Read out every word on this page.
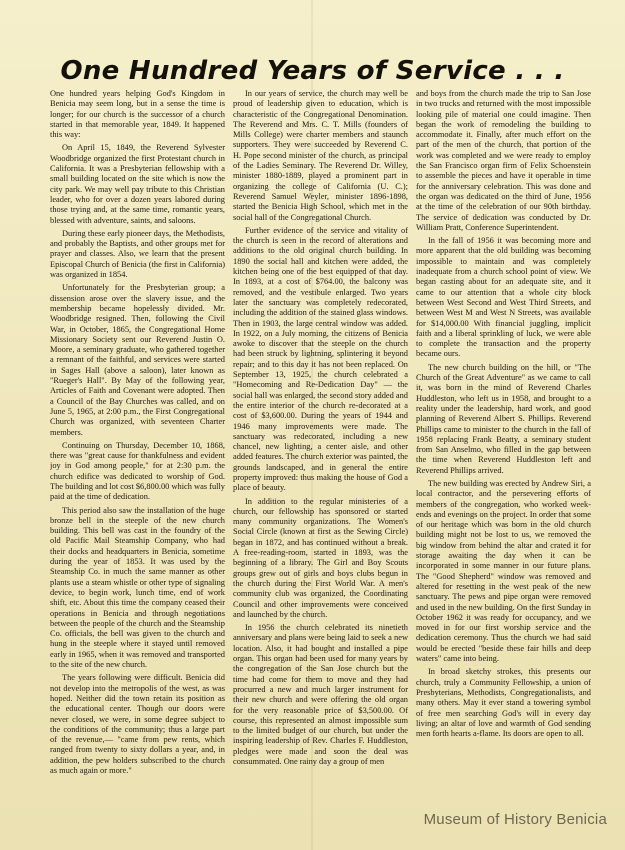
One Hundred Years of Service . . .

One hundred years helping God's Kingdom in Benicia may seem long, but in a sense the time is longer; for our church is the successor of a church started in that memorable year, 1849. It happened this way:

On April 15, 1849, the Reverend Sylvester Woodbridge organized the first Protestant church in California. It was a Presbyterian fellowship with a small building located on the site which is now the city park. We may well pay tribute to this Christian leader, who for over a dozen years labored during those trying and, at the same time, romantic years, blessed with adventure, saints, and saloons.

During these early pioneer days, the Methodists, and probably the Baptists, and other groups met for prayer and classes. Also, we learn that the present Episcopal Church of Benicia (the first in California) was organized in 1854.

Unfortunately for the Presbyterian group; a dissension arose over the slavery issue, and the membership became hopelessly divided. Mr. Woodbridge resigned. Then, following the Civil War, in October, 1865, the Congregational Home Missionary Society sent our Reverend Justin O. Moore, a seminary graduate, who gathered together a remnant of the faithful, and services were started in Sages Hall (above a saloon), later known as "Rueger's Hall". By May of the following year, Articles of Faith and Covenant were adopted. Then a Council of the Bay Churches was called, and on June 5, 1965, at 2:00 p.m., the First Congregational Church was organized, with seventeen Charter members.

Continuing on Thursday, December 10, 1868, there was "great cause for thankfulness and evident joy in God among people," for at 2:30 p.m. the church edifice was dedicated to worship of God. The building and lot cost $6,800.00 which was fully paid at the time of dedication.

This period also saw the installation of the huge bronze bell in the steeple of the new church building. This bell was cast in the foundry of the old Pacific Mail Steamship Company, who had their docks and headquarters in Benicia, sometime during the year of 1853. It was used by the Steamship Co. in much the same manner as other plants use a steam whistle or other type of signaling device, to begin work, lunch time, end of work shift, etc. About this time the company ceased their operations in Benicia and through negotiations between the people of the church and the Steamship Co. officials, the bell was given to the church and hung in the steeple where it stayed until removed early in 1965, when it was removed and transported to the site of the new church.

The years following were difficult. Benicia did not develop into the metropolis of the west, as was hoped. Neither did the town retain its position as the educational center. Though our doors were never closed, we were, in some degree subject to the conditions of the community; thus a large part of the revenue,— "came from pew rents, which ranged from twenty to sixty dollars a year, and, in addition, the pew holders subscribed to the church as much again or more."

In our years of service, the church may well be proud of leadership given to education, which is characteristic of the Congregational Denomination. The Reverend and Mrs. C. T. Mills (founders of Mills College) were charter members and staunch supporters. They were succeeded by Reverend C. H. Pope second minister of the church, as principal of the Ladies Seminary. The Reverend Dr. Willey, minister 1880-1889, played a prominent part in organizing the college of California (U. C.); Reverend Samuel Weyler, minister 1896-1898, started the Benicia High School, which met in the social hall of the Congregational Church.

Further evidence of the service and vitality of the church is seen in the record of alterations and additions to the old original church building. In 1890 the social hall and kitchen were added, the kitchen being one of the best equipped of that day. In 1893, at a cost of $764.00, the balcony was removed, and the vestibule enlarged. Two years later the sanctuary was completely redecorated, including the addition of the stained glass windows. Then in 1903, the large central window was added. In 1922, on a July morning, the citizens of Benicia awoke to discover that the steeple on the church had been struck by lightning, splintering it beyond repair; and to this day it has not been replaced. On September 13, 1925, the church celebrated a "Homecoming and Re-Dedication Day" — the social hall was enlarged, the second story added and the entire interior of the church re-decorated at a cost of $3,600.00. During the years of 1944 and 1946 many improvements were made. The sanctuary was redecorated, including a new chancel, new lighting, a center aisle, and other added features. The church exterior was painted, the grounds landscaped, and in general the entire property improved: thus making the house of God a place of beauty.

In addition to the regular ministeries of a church, our fellowship has sponsored or started many community organizations. The Women's Social Circle (known at first as the Sewing Circle) began in 1872, and has continued without a break. A free-reading-room, started in 1893, was the beginning of a library. The Girl and Boy Scouts groups grew out of girls and boys clubs begun in the church during the First World War. A men's community club was organized, the Coordinating Council and other improvements were conceived and launched by the church.

In 1956 the church celebrated its ninetieth anniversary and plans were being laid to seek a new location. Also, it had bought and installed a pipe organ. This organ had been used for many years by the congregation of the San Jose church but the time had come for them to move and they had procurred a new and much larger instrument for their new church and were offering the old organ for the very reasonable price of $3,500.00. Of course, this represented an almost impossible sum to the limited budget of our church, but under the inspiring leadership of Rev. Charles F. Huddleston, pledges were made and soon the deal was consummated. One rainy day a group of men

and boys from the church made the trip to San Jose in two trucks and returned with the most impossible looking pile of material one could imagine. Then began the work of remodeling the building to accommodate it. Finally, after much effort on the part of the men of the church, that portion of the work was completed and we were ready to employ the San Francisco organ firm of Felix Schoenstein to assemble the pieces and have it operable in time for the anniversary celebration. This was done and the organ was dedicated on the third of June, 1956 at the time of the celebration of our 90th birthday. The service of dedication was conducted by Dr. William Pratt, Conference Superintendent.

In the fall of 1956 it was becoming more and more apparent that the old building was becoming impossible to maintain and was completely inadequate from a church school point of view. We began casting about for an adequate site, and it came to our attention that a whole city block between West Second and West Third Streets, and between West M and West N Streets, was available for $14,000.00 With financial juggling, implicit faith and a liberal sprinkling of luck, we were able to complete the transaction and the property became ours.

The new church building on the hill, or "The Church of the Great Adventure" as we came to call it, was born in the mind of Reverend Charles Huddleston, who left us in 1958, and brought to a reality under the leadership, hard work, and good planning of Reverend Albert S. Phillips. Reverend Phillips came to minister to the church in the fall of 1958 replacing Frank Beatty, a seminary student from San Anselmo, who filled in the gap between the time when Reverend Huddleston left and Reverend Phillips arrived.

The new building was erected by Andrew Siri, a local contractor, and the persevering efforts of members of the congregation, who worked week-ends and evenings on the project. In order that some of our heritage which was born in the old church building might not be lost to us, we removed the big window from behind the altar and crated it for storage awaiting the day when it can be incorporated in some manner in our future plans. The "Good Shepherd" window was removed and altered for resetting in the west peak of the new sanctuary. The pews and pipe organ were removed and used in the new building. On the first Sunday in October 1962 it was ready for occupancy, and we moved in for our first worship service and the dedication ceremony. Thus the church we had said would be erected "beside these fair hills and deep waters" came into being.

In broad sketchy strokes, this presents our church, truly a Community Fellowship, a union of Presbyterians, Methodists, Congregationalists, and many others. May it ever stand a towering symbol of free men searching God's will in every day living; an altar of love and warmth of God sending men forth hearts a-flame. Its doors are open to all.

Museum of History Benicia
